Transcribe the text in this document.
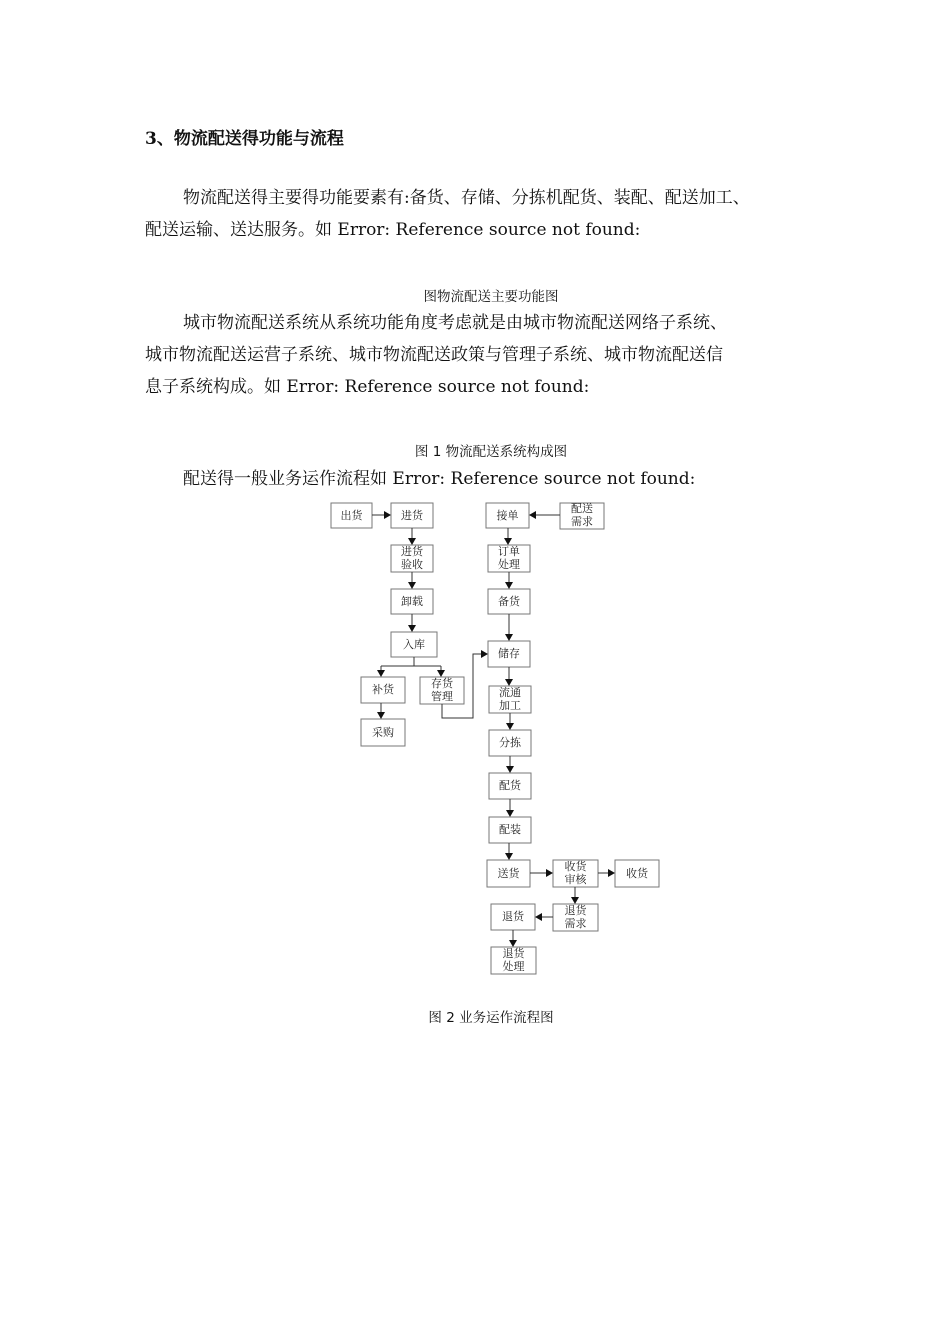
3、物流配送得功能与流程
物流配送得主要得功能要素有:备货、存储、分拣机配货、装配、配送加工、
配送运输、送达服务。如 Error: Reference source not found:
图物流配送主要功能图
城市物流配送系统从系统功能角度考虑就是由城市物流配送网络子系统、
城市物流配送运营子系统、城市物流配送政策与管理子系统、城市物流配送信
息子系统构成。如 Error: Reference source not found:
图 1 物流配送系统构成图
配送得一般业务运作流程如 Error: Reference source not found:
出货	进货
进货
验收
卸载
入库
补货	存货
管理
采购
接单
配送
需求
订单
处理
备货
储存
流通
加工
分拣
配货
配装
送货
收货
审核	收货
退货
需求
退货
退货
处理
图 2 业务运作流程图
